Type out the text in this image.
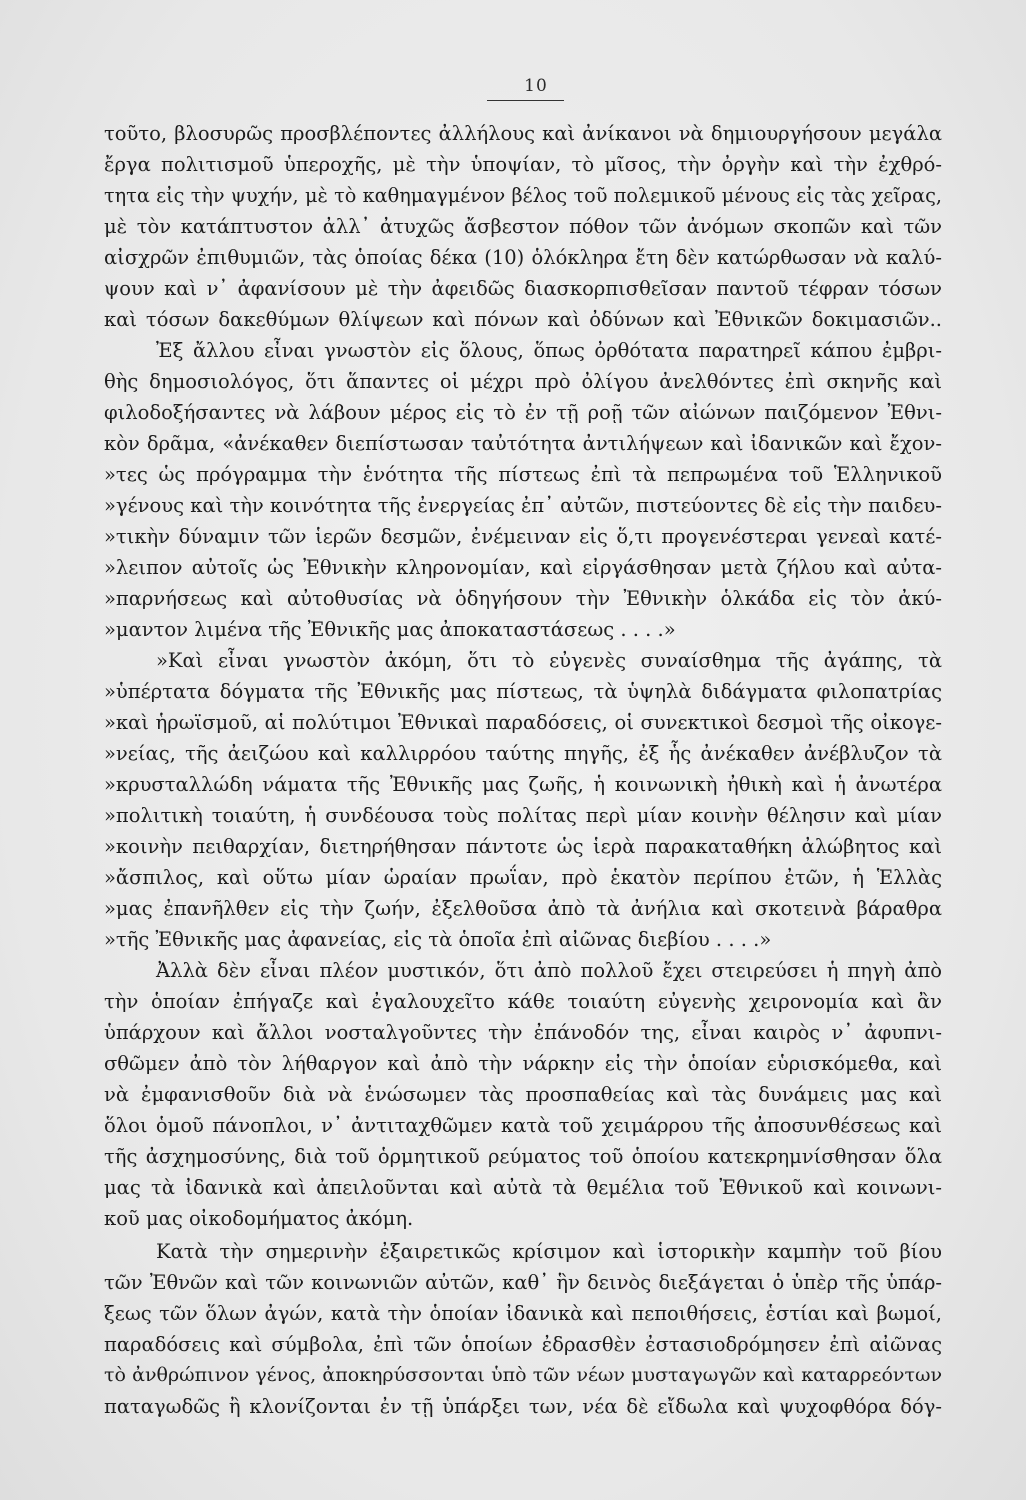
10
τοῦτο, βλοσυρῶς προσβλέποντες ἀλλήλους καὶ ἀνίκανοι νὰ δημιουργήσουν μεγάλα
ἔργα πολιτισμοῦ ὑπεροχῆς, μὲ τὴν ὑποψίαν, τὸ μῖσος, τὴν ὀργὴν καὶ τὴν ἐχθρό-
τητα εἰς τὴν ψυχήν, μὲ τὸ καθημαγμένον βέλος τοῦ πολεμικοῦ μένους εἰς τὰς χεῖρας,
μὲ τὸν κατάπτυστον ἀλλ᾽ ἀτυχῶς ἄσβεστον πόθον τῶν ἀνόμων σκοπῶν καὶ τῶν
αἰσχρῶν ἐπιθυμιῶν, τὰς ὁποίας δέκα (10) ὁλόκληρα ἔτη δὲν κατώρθωσαν νὰ καλύ-
ψουν καὶ ν᾽ ἀφανίσουν μὲ τὴν ἀφειδῶς διασκορπισθεῖσαν παντοῦ τέφραν τόσων
καὶ τόσων δακεθύμων θλίψεων καὶ πόνων καὶ ὀδύνων καὶ Ἐθνικῶν δοκιμασιῶν..
Ἐξ ἄλλου εἶναι γνωστὸν εἰς ὅλους, ὅπως ὀρθότατα παρατηρεῖ κάπου ἐμβρι-
θὴς δημοσιολόγος, ὅτι ἅπαντες οἱ μέχρι πρὸ ὀλίγου ἀνελθόντες ἐπὶ σκηνῆς καὶ
φιλοδοξήσαντες νὰ λάβουν μέρος εἰς τὸ ἐν τῇ ροῇ τῶν αἰώνων παιζόμενον Ἐθνι-
κὸν δρᾶμα, «ἀνέκαθεν διεπίστωσαν ταὐτότητα ἀντιλήψεων καὶ ἰδανικῶν καὶ ἔχον-
»τες ὡς πρόγραμμα τὴν ἑνότητα τῆς πίστεως ἐπὶ τὰ πεπρωμένα τοῦ Ἑλληνικοῦ
»γένους καὶ τὴν κοινότητα τῆς ἐνεργείας ἐπ᾽ αὐτῶν, πιστεύοντες δὲ εἰς τὴν παιδευ-
»τικὴν δύναμιν τῶν ἱερῶν δεσμῶν, ἐνέμειναν εἰς ὅ,τι προγενέστεραι γενεαὶ κατέ-
»λειπον αὐτοῖς ὡς Ἐθνικὴν κληρονομίαν, καὶ εἰργάσθησαν μετὰ ζήλου καὶ αὐτα-
»παρνήσεως καὶ αὐτοθυσίας νὰ ὁδηγήσουν τὴν Ἐθνικὴν ὁλκάδα εἰς τὸν ἀκύ-
»μαντον λιμένα τῆς Ἐθνικῆς μας ἀποκαταστάσεως . . . .»
»Καὶ εἶναι γνωστὸν ἀκόμη, ὅτι τὸ εὐγενὲς συναίσθημα τῆς ἀγάπης, τὰ
»ὑπέρτατα δόγματα τῆς Ἐθνικῆς μας πίστεως, τὰ ὑψηλὰ διδάγματα φιλοπατρίας
»καὶ ἡρωϊσμοῦ, αἱ πολύτιμοι Ἐθνικαὶ παραδόσεις, οἱ συνεκτικοὶ δεσμοὶ τῆς οἰκογε-
»νείας, τῆς ἀειζώου καὶ καλλιρρόου ταύτης πηγῆς, ἐξ ἧς ἀνέκαθεν ἀνέβλυζον τὰ
»κρυσταλλώδη νάματα τῆς Ἐθνικῆς μας ζωῆς, ἡ κοινωνικὴ ἠθικὴ καὶ ἡ ἀνωτέρα
»πολιτικὴ τοιαύτη, ἡ συνδέουσα τοὺς πολίτας περὶ μίαν κοινὴν θέλησιν καὶ μίαν
»κοινὴν πειθαρχίαν, διετηρήθησαν πάντοτε ὡς ἱερὰ παρακαταθήκη ἀλώβητος καὶ
»ἄσπιλος, καὶ οὕτω μίαν ὡραίαν πρωΐαν, πρὸ ἑκατὸν περίπου ἐτῶν, ἡ Ἑλλὰς
»μας ἐπανῆλθεν εἰς τὴν ζωήν, ἐξελθοῦσα ἀπὸ τὰ ἀνήλια καὶ σκοτεινὰ βάραθρα
»τῆς Ἐθνικῆς μας ἀφανείας, εἰς τὰ ὁποῖα ἐπὶ αἰῶνας διεβίου . . . .»
Ἀλλὰ δὲν εἶναι πλέον μυστικόν, ὅτι ἀπὸ πολλοῦ ἔχει στειρεύσει ἡ πηγὴ ἀπὸ
τὴν ὁποίαν ἐπήγαζε καὶ ἐγαλουχεῖτο κάθε τοιαύτη εὐγενὴς χειρονομία καὶ ἂν
ὑπάρχουν καὶ ἄλλοι νοσταλγοῦντες τὴν ἐπάνοδόν της, εἶναι καιρὸς ν᾽ ἀφυπνι-
σθῶμεν ἀπὸ τὸν λήθαργον καὶ ἀπὸ τὴν νάρκην εἰς τὴν ὁποίαν εὑρισκόμεθα, καὶ
νὰ ἐμφανισθοῦν διὰ νὰ ἑνώσωμεν τὰς προσπαθείας καὶ τὰς δυνάμεις μας καὶ
ὅλοι ὁμοῦ πάνοπλοι, ν᾽ ἀντιταχθῶμεν κατὰ τοῦ χειμάρρου τῆς ἀποσυνθέσεως καὶ
τῆς ἀσχημοσύνης, διὰ τοῦ ὁρμητικοῦ ρεύματος τοῦ ὁποίου κατεκρημνίσθησαν ὅλα
μας τὰ ἰδανικὰ καὶ ἀπειλοῦνται καὶ αὐτὰ τὰ θεμέλια τοῦ Ἐθνικοῦ καὶ κοινωνι-
κοῦ μας οἰκοδομήματος ἀκόμη.
Κατὰ τὴν σημερινὴν ἐξαιρετικῶς κρίσιμον καὶ ἱστορικὴν καμπὴν τοῦ βίου
τῶν Ἐθνῶν καὶ τῶν κοινωνιῶν αὐτῶν, καθ᾽ ἣν δεινὸς διεξάγεται ὁ ὑπὲρ τῆς ὑπάρ-
ξεως τῶν ὅλων ἀγών, κατὰ τὴν ὁποίαν ἰδανικὰ καὶ πεποιθήσεις, ἑστίαι καὶ βωμοί,
παραδόσεις καὶ σύμβολα, ἐπὶ τῶν ὁποίων ἐδρασθὲν ἐστασιοδρόμησεν ἐπὶ αἰῶνας
τὸ ἀνθρώπινον γένος, ἀποκηρύσσονται ὑπὸ τῶν νέων μυσταγωγῶν καὶ καταρρεόντων
παταγωδῶς ἢ κλονίζονται ἐν τῇ ὑπάρξει των, νέα δὲ εἴδωλα καὶ ψυχοφθόρα δόγ-
